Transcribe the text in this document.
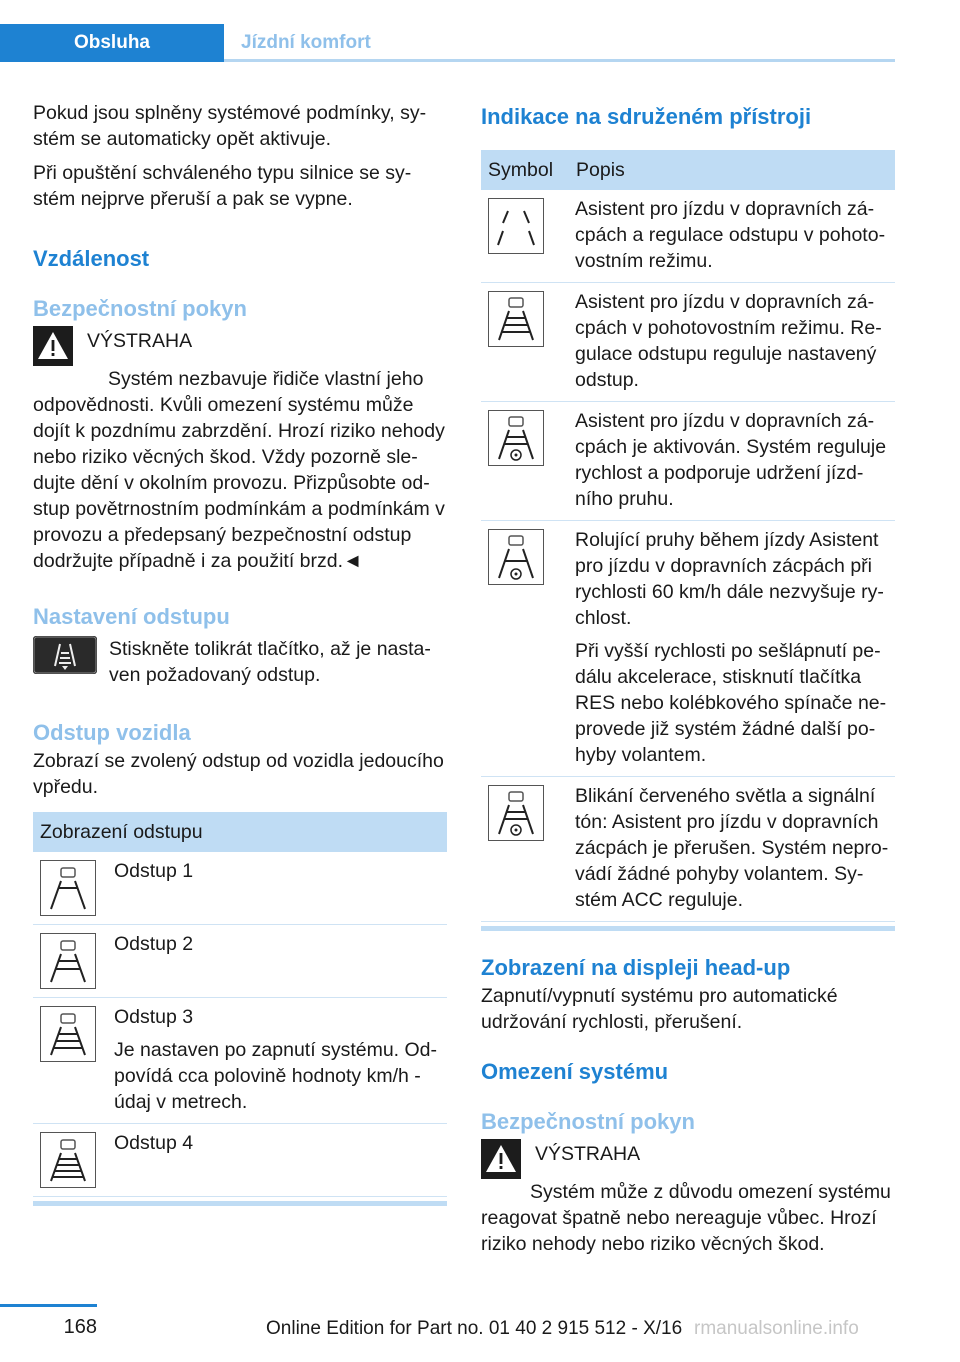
Obsluha	Jízdní komfort

Pokud jsou splněny systémové podmínky, systém se automaticky opět aktivuje.

Při opuštění schváleného typu silnice se systém nejprve přeruší a pak se vypne.

Vzdálenost
Bezpečnostní pokyn

VÝSTRAHA

Systém nezbavuje řidiče vlastní jeho odpovědnosti. Kvůli omezení systému může dojít k pozdnímu zabrzdění. Hrozí riziko nehody nebo riziko věcných škod. Vždy pozorně sledujte dění v okolním provozu. Přizpůsobte odstup povětrnostním podmínkám a podmínkám v provozu a předepsaný bezpečnostní odstup dodržujte případně i za použití brzd.◄

Nastavení odstupu

Stiskněte tolikrát tlačítko, až je nastaven požadovaný odstup.

Odstup vozidla

Zobrazí se zvolený odstup od vozidla jedoucího vpředu.

Zobrazení odstupu	

Odstup 1

Odstup 2

Odstup 3

Je nastaven po zapnutí systému. Odpovídá cca polovině hodnoty km/h - údaj v metrech.

Odstup 4

Indikace na sdruženém přístroji
Symbol	Popis

Asistent pro jízdu v dopravních zácpách a regulace odstupu v pohotovostním režimu.

Asistent pro jízdu v dopravních zácpách v pohotovostním režimu. Regulace odstupu reguluje nastavený odstup.

Asistent pro jízdu v dopravních zácpách je aktivován. Systém reguluje rychlost a podporuje udržení jízdního pruhu.

Rolující pruhy během jízdy Asistent pro jízdu v dopravních zácpách při rychlosti 60 km/h dále nezvyšuje rychlost.

Při vyšší rychlosti po sešlápnutí pedálu akcelerace, stisknutí tlačítka RES nebo kolébkového spínače neprovede již systém žádné další pohyby volantem.

Blikání červeného světla a signální tón: Asistent pro jízdu v dopravních zácpách je přerušen. Systém neprovádí žádné pohyby volantem. Systém ACC reguluje.

Zobrazení na displeji head-up

Zapnutí/vypnutí systému pro automatické udržování rychlosti, přerušení.

Omezení systému
Bezpečnostní pokyn

VÝSTRAHA

Systém může z důvodu omezení systému reagovat špatně nebo nereaguje vůbec. Hrozí riziko nehody nebo riziko věcných škod.

168	Online Edition for Part no. 01 40 2 915 512 - X/16 rmanualsonline.info
